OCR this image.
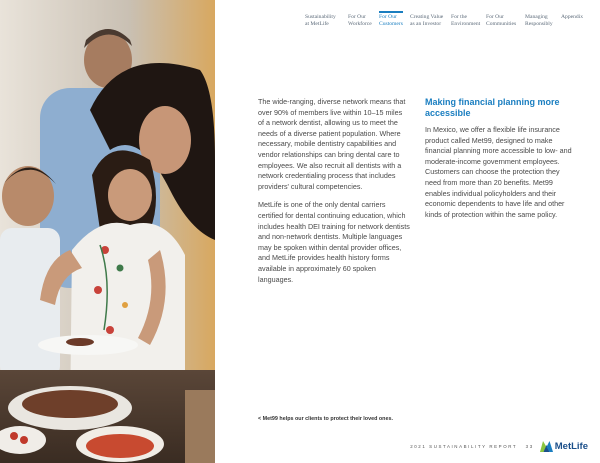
Sustainability
at MetLife
For Our
Workforce
For Our
Customers
Creating Value
as an Investor
For the
Environment
For Our
Communities
Managing
Responsibly
Appendix

The wide-ranging, diverse network means that over 90% of members live within 10–15 miles of a network dentist, allowing us to meet the needs of a diverse patient population. Where necessary, mobile dentistry capabilities and vendor relationships can bring dental care to employees. We also recruit all dentists with a network credentialing process that includes providers' cultural competencies.

MetLife is one of the only dental carriers certified for dental continuing education, which includes health DEI training for network dentists and non-network dentists. Multiple languages may be spoken within dental provider offices, and MetLife provides health history forms available in approximately 60 spoken languages.

Making financial planning more accessible

In Mexico, we offer a flexible life insurance product called Met99, designed to make financial planning more accessible to low- and moderate-income government employees. Customers can choose the protection they need from more than 20 benefits. Met99 enables individual policyholders and their economic dependents to have life and other kinds of protection within the same policy.

< Met99 helps our clients to protect their loved ones.
2021 SUSTAINABILITY REPORT 33 MetLife
